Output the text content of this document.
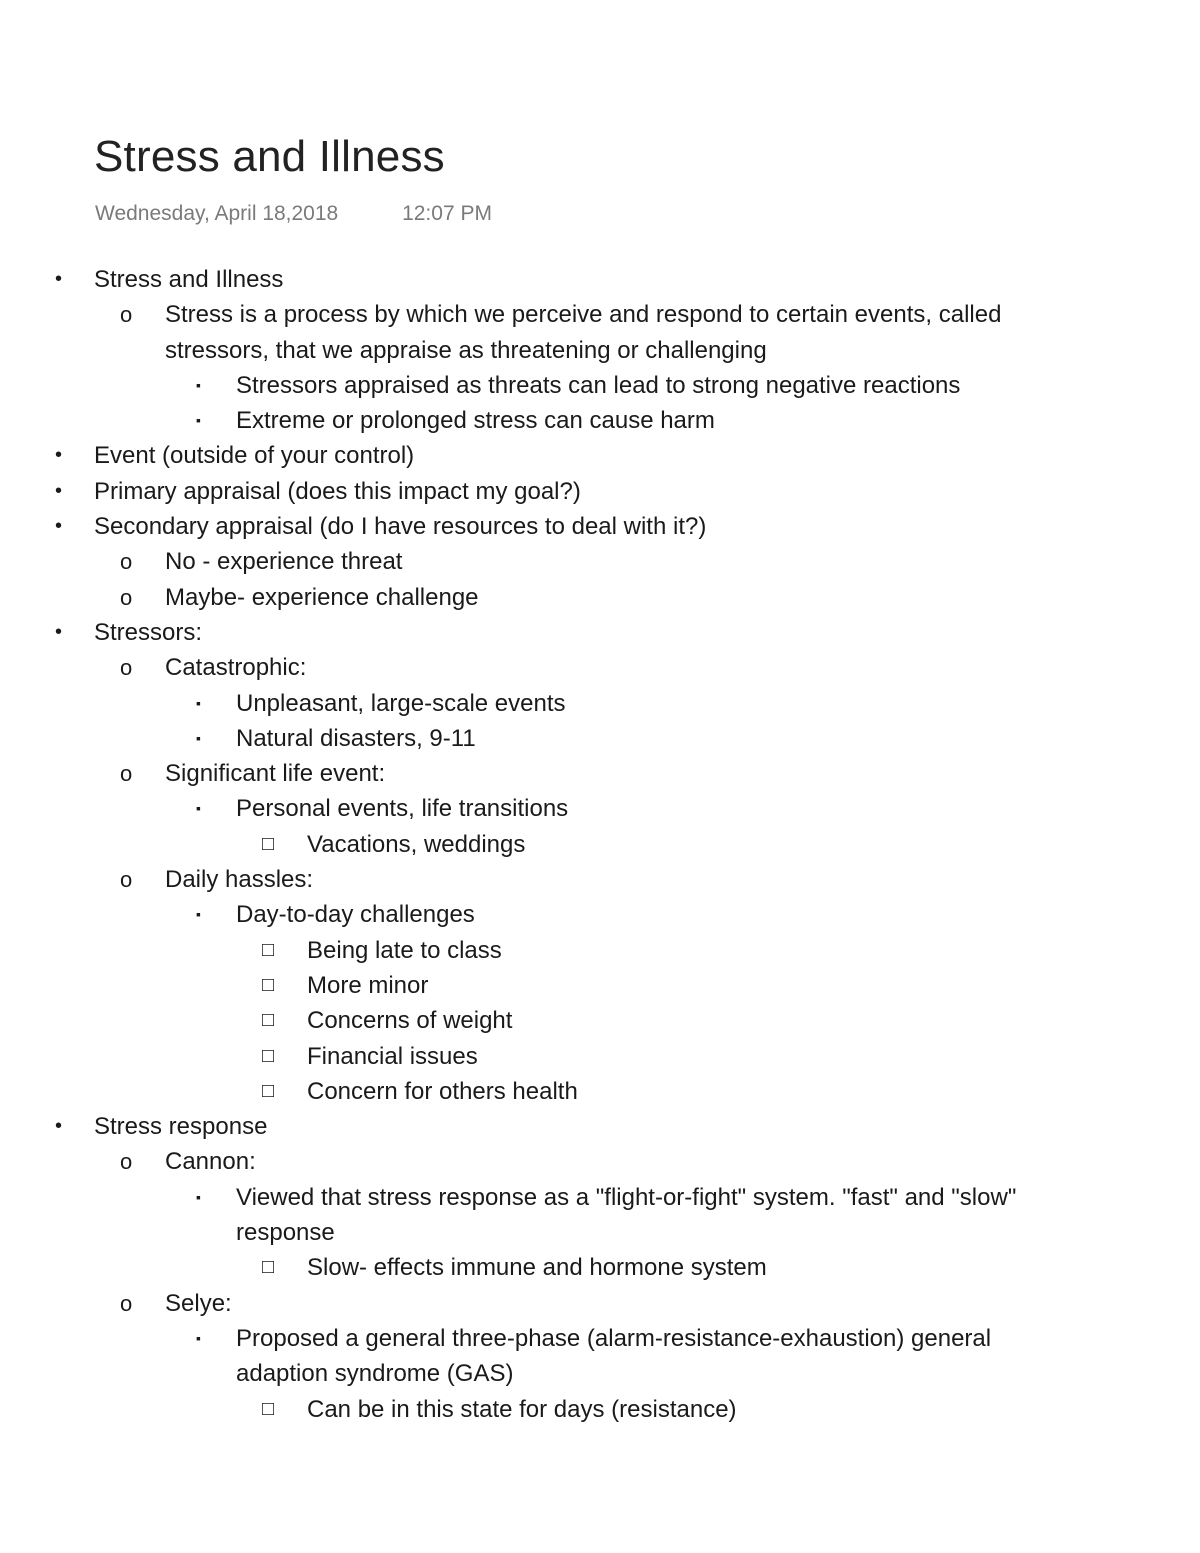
Stress and Illness
Wednesday, April 18,2018	12:07 PM
• Stress and Illness
o Stress is a process by which we perceive and respond to certain events, called stressors, that we appraise as threatening or challenging
▪ Stressors appraised as threats can lead to strong negative reactions
▪ Extreme or prolonged stress can cause harm
• Event (outside of your control)
• Primary appraisal (does this impact my goal?)
• Secondary appraisal (do I have resources to deal with it?)
o No - experience threat
o Maybe- experience challenge
• Stressors:
o Catastrophic:
▪ Unpleasant, large-scale events
▪ Natural disasters, 9-11
o Significant life event:
▪ Personal events, life transitions
□ Vacations, weddings
o Daily hassles:
▪ Day-to-day challenges
□ Being late to class
□ More minor
□ Concerns of weight
□ Financial issues
□ Concern for others health
• Stress response
o Cannon:
▪ Viewed that stress response as a "flight-or-fight" system. "fast" and "slow" response
□ Slow- effects immune and hormone system
o Selye:
▪ Proposed a general three-phase (alarm-resistance-exhaustion) general adaption syndrome (GAS)
□ Can be in this state for days (resistance)
